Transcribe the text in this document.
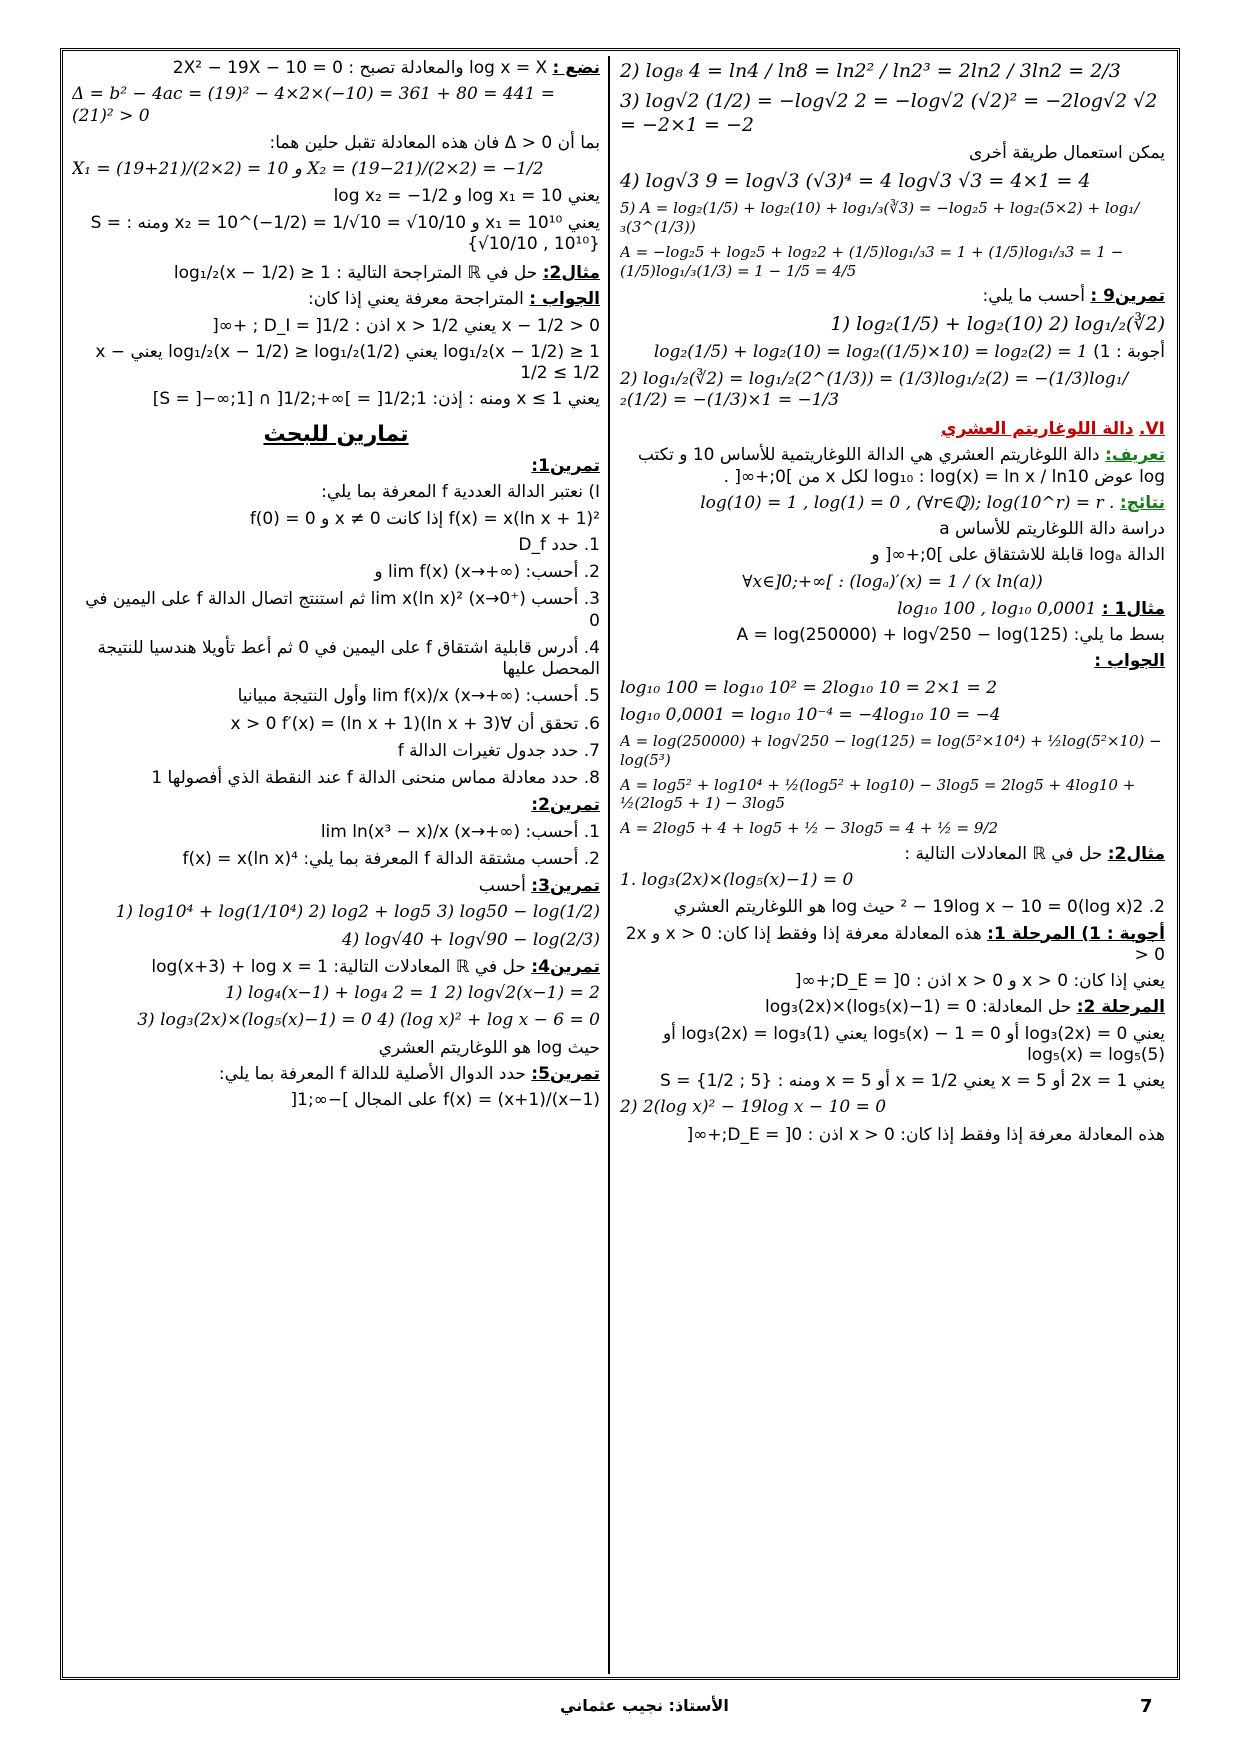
2) log₈ 4 = ln4 / ln8 = ln2² / ln2³ = 2ln2 / 3ln2 = 2/3
3) log√2 (1/2) = −log√2 2 = −log√2 (√2)² = −2log√2 √2 = −2×1 = −2
يمكن استعمال طريقة أخرى
4) log√3 9 = log√3 (√3)⁴ = 4 log√3 √3 = 4×1 = 4
5) A = log₂(1/5) + log₂(10) + log₁/₃(∛3) = −log₂5 + log₂(5×2) + log₁/₃(3^(1/3))
A = −log₂5 + log₂5 + log₂2 + (1/5)log₁/₃3 = 1 + (1/5)log₁/₃3 = 1 − (1/5)log₁/₃(1/3) = 1 − 1/5 = 4/5
تمرين9 : أحسب ما يلي:
1) log₂(1/5) + log₂(10) 2) log₁/₂(∛2)
أجوبة : 1) log₂(1/5) + log₂(10) = log₂((1/5)×10) = log₂(2) = 1
2) log₁/₂(∛2) = log₁/₂(2^(1/3)) = (1/3)log₁/₂(2) = −(1/3)log₁/₂(1/2) = −(1/3)×1 = −1/3
VI. دالة اللوغاريتم العشري
تعريف: دالة اللوغاريتم العشري هي الدالة اللوغاريتمية للأساس 10 و تكتب log عوض log₁₀ : log(x) = ln x / ln10 لكل x من ]0;+∞[ .
نتائج: log(10) = 1 , log(1) = 0 , (∀r∈ℚ); log(10^r) = r .
دراسة دالة اللوغاريتم للأساس a
الدالة logₐ قابلة للاشتقاق على ]0;+∞[ و
∀x∈]0;+∞[ : (logₐ)′(x) = 1 / (x ln(a))
مثال1 : log₁₀ 100 , log₁₀ 0,0001
بسط ما يلي: A = log(250000) + log√250 − log(125)
الجواب :
log₁₀ 100 = log₁₀ 10² = 2log₁₀ 10 = 2×1 = 2
log₁₀ 0,0001 = log₁₀ 10⁻⁴ = −4log₁₀ 10 = −4
A = log(250000) + log√250 − log(125) = log(5²×10⁴) + ½log(5²×10) − log(5³)
A = log5² + log10⁴ + ½(log5² + log10) − 3log5 = 2log5 + 4log10 + ½(2log5 + 1) − 3log5
A = 2log5 + 4 + log5 + ½ − 3log5 = 4 + ½ = 9/2
مثال2: حل في ℝ المعادلات التالية :
1. log₃(2x)×(log₅(x)−1) = 0
2. 2(log x)² − 19log x − 10 = 0 حيث log هو اللوغاريتم العشري
أجوبة : 1) المرحلة 1: هذه المعادلة معرفة إذا وفقط إذا كان: x > 0 و 2x > 0
يعني إذا كان: x > 0 و x > 0 اذن : D_E = ]0;+∞[
المرحلة 2: حل المعادلة: log₃(2x)×(log₅(x)−1) = 0
يعني log₃(2x) = 0 أو log₅(x) − 1 = 0 يعني log₃(2x) = log₃(1) أو log₅(x) = log₅(5)
يعني 2x = 1 أو x = 5 يعني x = 1/2 أو x = 5 ومنه : S = {1/2 ; 5}
2) 2(log x)² − 19log x − 10 = 0
هذه المعادلة معرفة إذا وفقط إذا كان: x > 0 اذن : D_E = ]0;+∞[
نضع : log x = X والمعادلة تصبح : 2X² − 19X − 10 = 0
Δ = b² − 4ac = (19)² − 4×2×(−10) = 361 + 80 = 441 = (21)² > 0
بما أن Δ > 0 فان هذه المعادلة تقبل حلين هما:
X₁ = (19+21)/(2×2) = 10 و X₂ = (19−21)/(2×2) = −1/2
يعني log x₁ = 10 و log x₂ = −1/2
يعني x₁ = 10¹⁰ و x₂ = 10^(−1/2) = 1/√10 = √10/10 ومنه : S = {√10/10 , 10¹⁰}
مثال2: حل في ℝ المتراجحة التالية : log₁/₂(x − 1/2) ≥ 1
الجواب : المتراجحة معرفة يعني إذا كان:
x − 1/2 > 0 يعني x > 1/2 اذن : D_I = ]1/2 ; +∞[
log₁/₂(x − 1/2) ≥ 1 يعني log₁/₂(x − 1/2) ≥ log₁/₂(1/2) يعني x − 1/2 ≤ 1/2
يعني x ≤ 1 ومنه : إذن: S = ]−∞;1] ∩ ]1/2;+∞[ = ]1/2;1]
تمارين للبحث
تمرين1:
I) نعتبر الدالة العددية f المعرفة بما يلي:
f(x) = x(ln x + 1)² إذا كانت x ≠ 0 و f(0) = 0
1. حدد D_f
2. أحسب: lim f(x) (x→+∞) و
3. أحسب lim x(ln x)² (x→0⁺) ثم استنتج اتصال الدالة f على اليمين في 0
4. أدرس قابلية اشتقاق f على اليمين في 0 ثم أعط تأويلا هندسيا للنتيجة المحصل عليها
5. أحسب: lim f(x)/x (x→+∞) وأول النتيجة مبيانيا
6. تحقق أن ∀x > 0 f′(x) = (ln x + 1)(ln x + 3)
7. حدد جدول تغيرات الدالة f
8. حدد معادلة مماس منحنى الدالة f عند النقطة الذي أفصولها 1
تمرين2:
1. أحسب: lim ln(x³ − x)/x (x→+∞)
2. أحسب مشتقة الدالة f المعرفة بما يلي: f(x) = x(ln x)⁴
تمرين3: أحسب
1) log10⁴ + log(1/10⁴) 2) log2 + log5 3) log50 − log(1/2)
4) log√40 + log√90 − log(2/3)
تمرين4: حل في ℝ المعادلات التالية: log(x+3) + log x = 1
1) log₄(x−1) + log₄ 2 = 1 2) log√2(x−1) = 2
3) log₃(2x)×(log₅(x)−1) = 0 4) (log x)² + log x − 6 = 0
حيث log هو اللوغاريتم العشري
تمرين5: حدد الدوال الأصلية للدالة f المعرفة بما يلي:
f(x) = (x+1)/(x−1) على المجال ]−∞;1[
الأستاذ: نجيب عثماني	7
